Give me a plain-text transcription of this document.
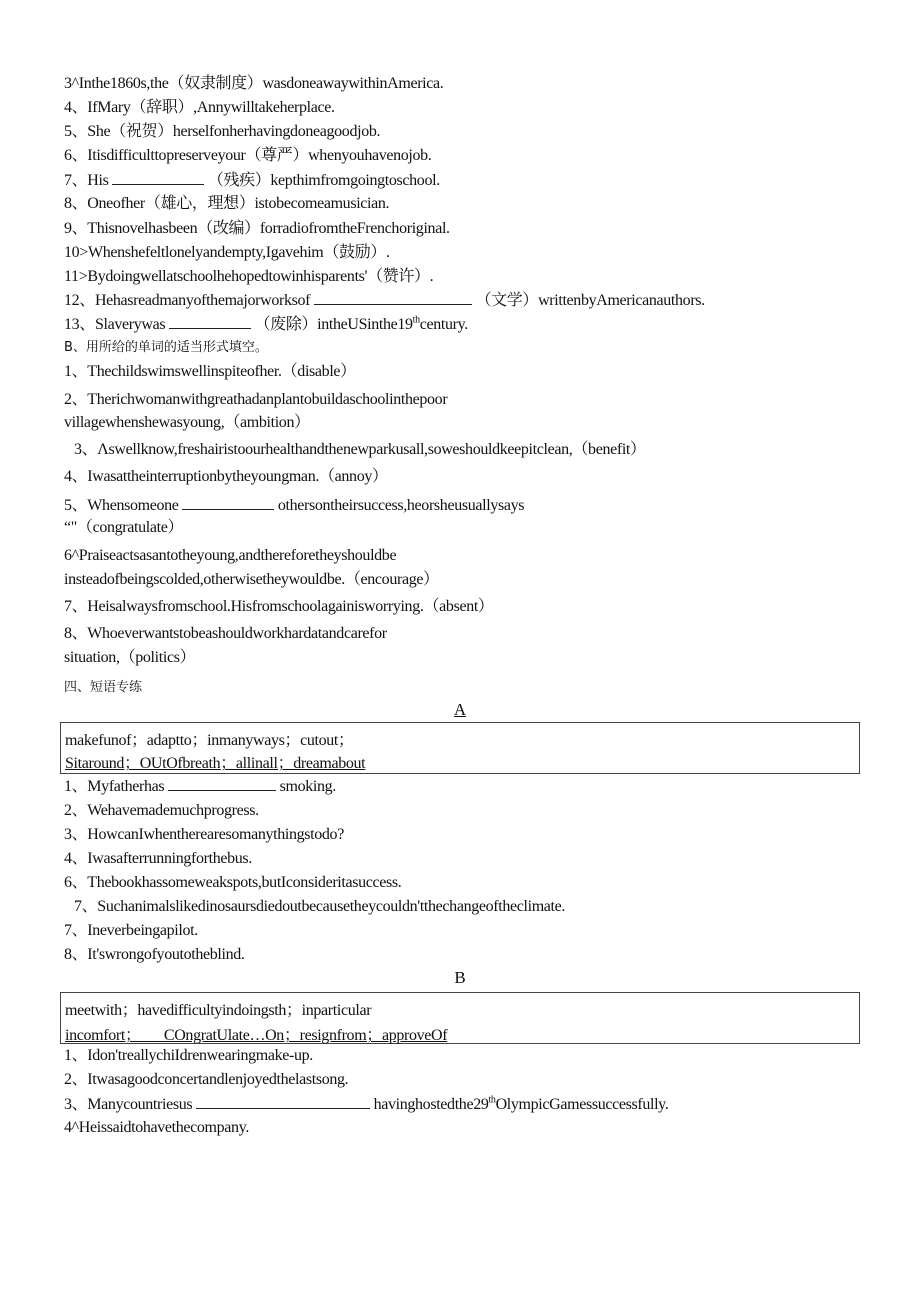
3^Inthe1860s,the（奴隶制度）wasdoneawaywithinAmerica.
4、IfMary（辞职）,Annywilltakeherplace.
5、She（祝贺）herselfonherhavingdoneagoodjob.
6、Itisdifficulttopreserveyour（尊严）whenyouhavenojob.
7、His	（残疾）kepthimfromgoingtoschool.
8、Oneofher（雄心，理想）istobecomeamusician.
9、Thisnovelhasbeen（改编）forradiofromtheFrenchoriginal.
10>Whenshefeltlonelyandempty,Igavehim（鼓励）.
11>Bydoingwellatschoolhehopedtowinhisparents'（赞许）.
12、Hehasreadmanyofthemajorworksof	（文学）writtenbyAmericanauthors.
13、Slaverywas	（废除）intheUSinthe19thcentury.
B、用所给的单词的适当形式填空。
1、Thechildswimswellinspiteofher.（disable）
2、Therichwomanwithgreathadanplantobuildaschoolinthepoor
villagewhenshewasyoung,（ambition）
3、Λswellknow,freshairistoourhealthandthenewparkusall,soweshouldkeepitclean,（benefit）
4、Iwasattheinterruptionbytheyoungman.（annoy）
5、Whensomeone	othersontheirsuccess,heorsheusuallysays
“"（congratulate）
6^Praiseactsasantotheyoung,andthereforetheyshouldbe
insteadofbeingscolded,otherwisetheywouldbe.（encourage）
7、Heisalwaysfromschool.Hisfromschoolagainisworrying.（absent）
8、Whoeverwantstobeashouldworkhardatandcarefor
situation,（politics）
四、短语专练
A
makefunof；adaptto；inmanyways；cutout；
Sitaround；OUtOfbreath；allinall；dreamabout
1、Myfatherhas	smoking.
2、Wehavemademuchprogress.
3、HowcanIwhentherearesomanythingstodo?
4、Iwasafterrunningforthebus.
6、Thebookhassomeweakspots,butIconsideritasuccess.
7、Suchanimalslikedinosaursdiedoutbecausetheycouldn'tthechangeoftheclimate.
7、Ineverbeingapilot.
8、It'swrongofyoutotheblind.
B
meetwith；havedifficultyindoingsth；inparticular
incomfort；　　COngratUlate…On；resignfrom；approveOf
1、Idon'treallychiIdrenwearingmake-up.
2、Itwasagoodconcertandlenjoyedthelastsong.
3、Manycountriesus	havinghostedthe29thOlympicGamessuccessfully.
4^Heissaidtohavethecompany.
